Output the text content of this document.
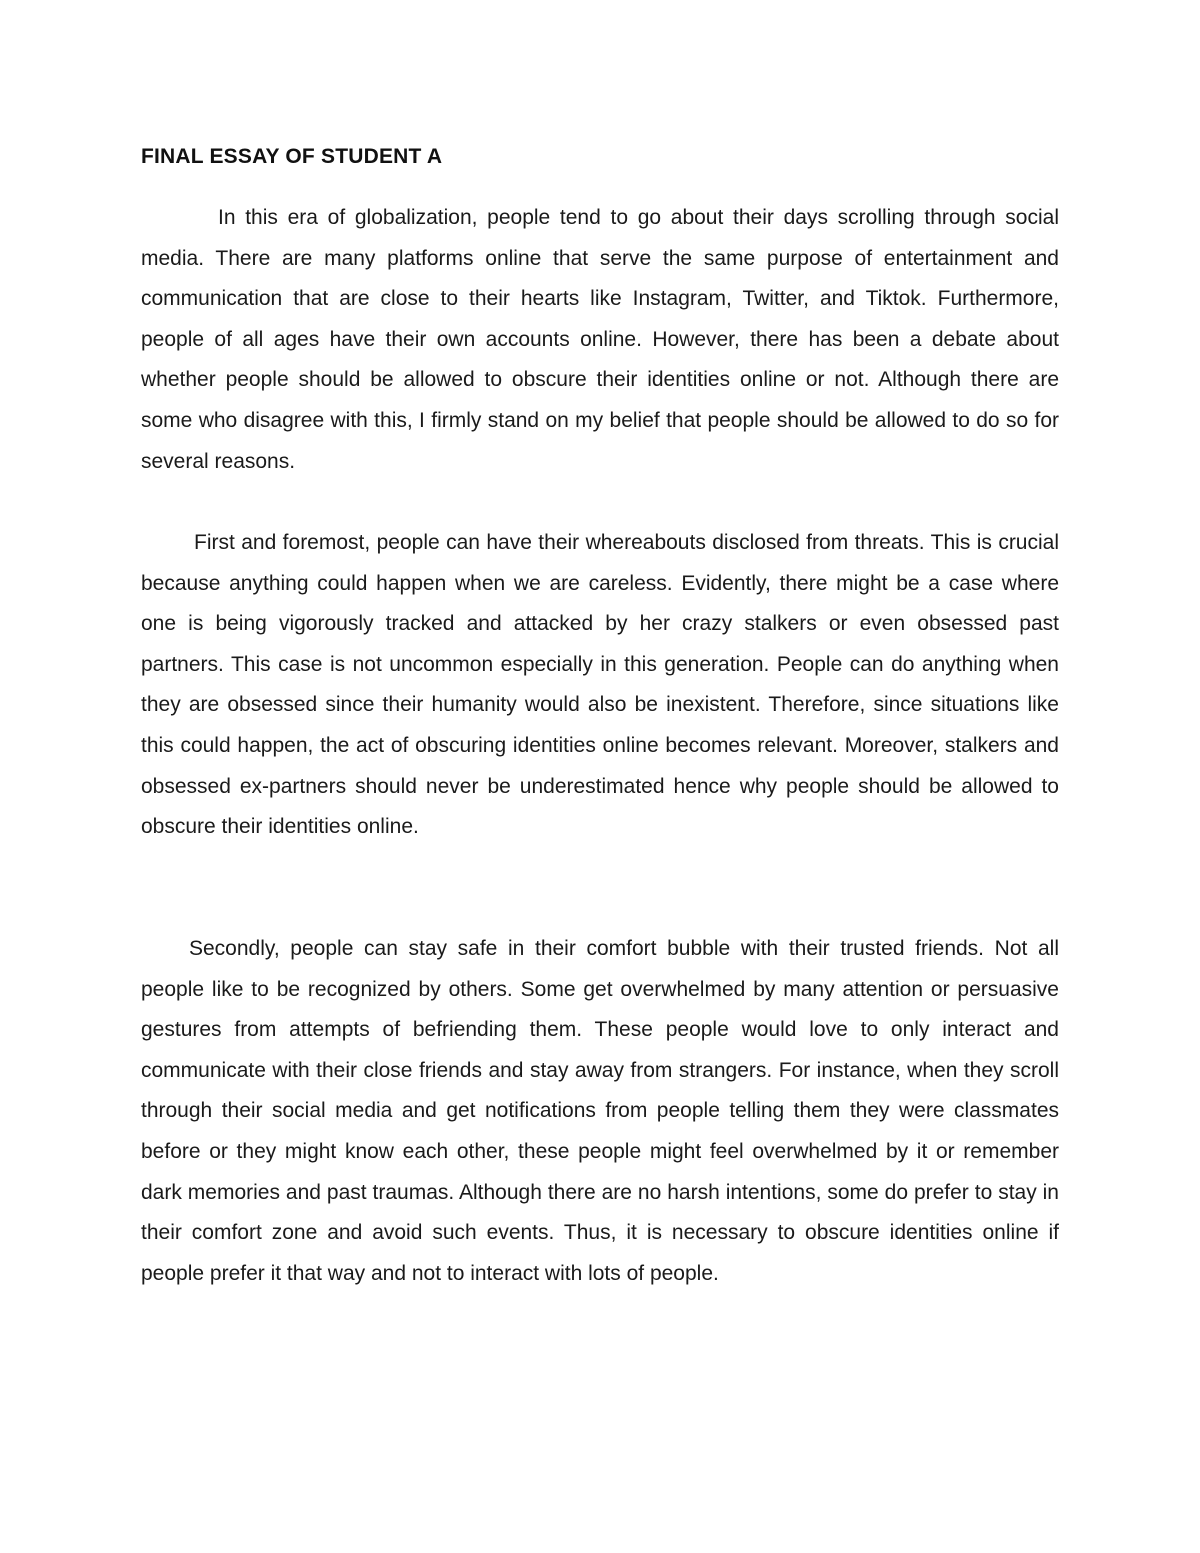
FINAL ESSAY OF STUDENT A

In this era of globalization, people tend to go about their days scrolling through social media. There are many platforms online that serve the same purpose of entertainment and communication that are close to their hearts like Instagram, Twitter, and Tiktok. Furthermore, people of all ages have their own accounts online. However, there has been a debate about whether people should be allowed to obscure their identities online or not. Although there are some who disagree with this, I firmly stand on my belief that people should be allowed to do so for several reasons.

First and foremost, people can have their whereabouts disclosed from threats. This is crucial because anything could happen when we are careless. Evidently, there might be a case where one is being vigorously tracked and attacked by her crazy stalkers or even obsessed past partners. This case is not uncommon especially in this generation. People can do anything when they are obsessed since their humanity would also be inexistent. Therefore, since situations like this could happen, the act of obscuring identities online becomes relevant. Moreover, stalkers and obsessed ex-partners should never be underestimated hence why people should be allowed to obscure their identities online.

Secondly, people can stay safe in their comfort bubble with their trusted friends. Not all people like to be recognized by others. Some get overwhelmed by many attention or persuasive gestures from attempts of befriending them. These people would love to only interact and communicate with their close friends and stay away from strangers. For instance, when they scroll through their social media and get notifications from people telling them they were classmates before or they might know each other, these people might feel overwhelmed by it or remember dark memories and past traumas. Although there are no harsh intentions, some do prefer to stay in their comfort zone and avoid such events. Thus, it is necessary to obscure identities online if people prefer it that way and not to interact with lots of people.
